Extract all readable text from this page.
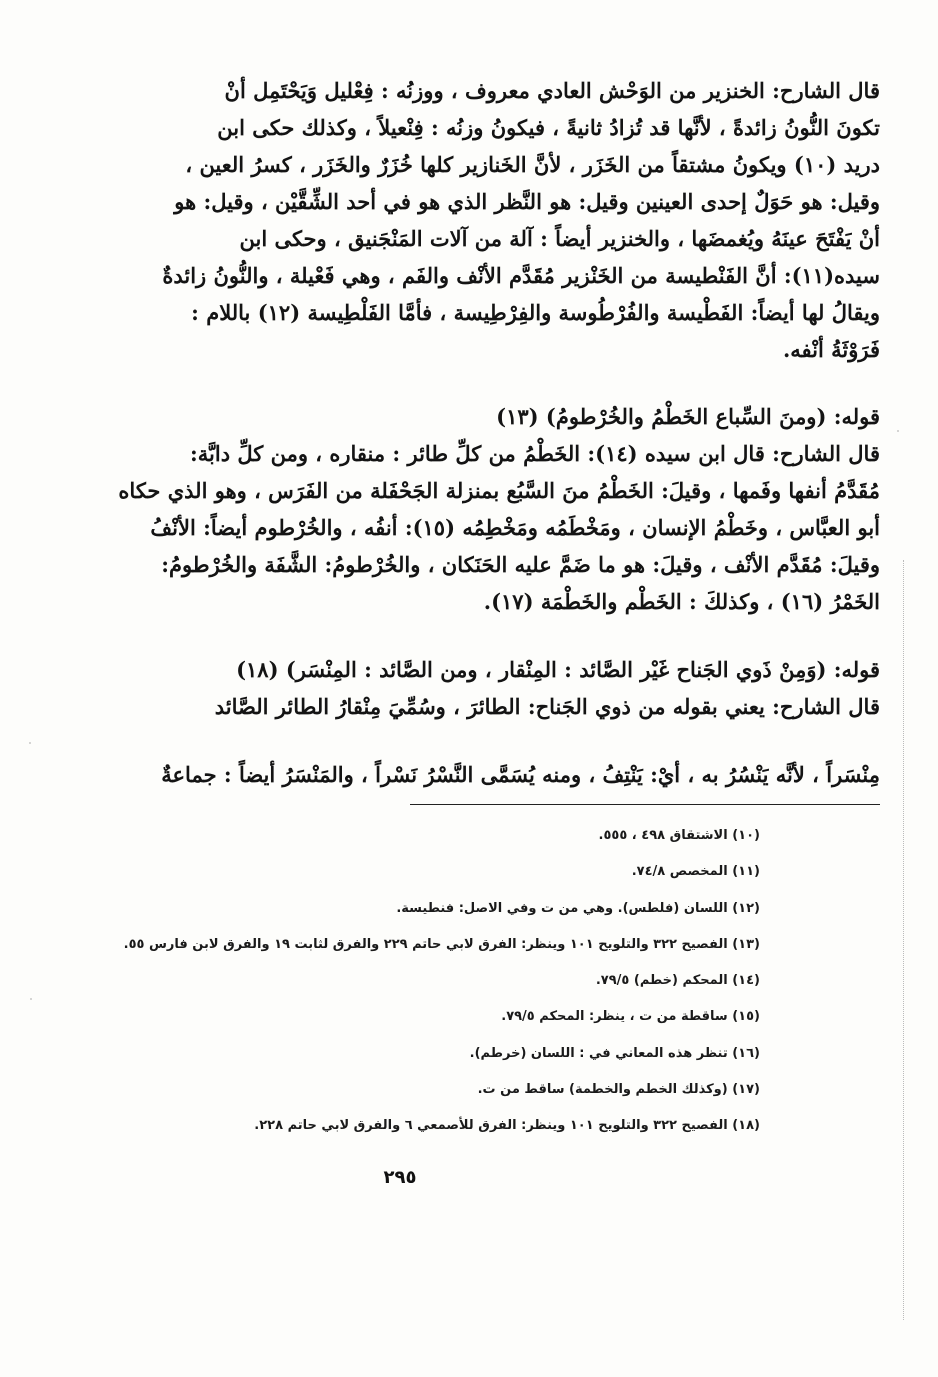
قال الشارح: الخنزير من الوَحْش العادي معروف ، ووزنُه : فِعْليل وَيَحْتَمِل أنْ
تكونَ النُّونُ زائدةً ، لأنَّها قد تُزادُ ثانيةً ، فيكونُ وزنُه : فِنْعيلاً ، وكذلك حكى ابن
دريد (١٠) ويكونُ مشتقاً من الخَزَر ، لأنَّ الخَنازير كلها خُزَرٌ والخَزَر ، كسرُ العين ،
وقيل: هو حَوَلٌ إحدى العينين وقيل: هو النَّظر الذي هو في أحد الشِّقَّيْن ، وقيل: هو
أنْ يَفْتَحَ عينَهُ ويُغمضَها ، والخنزير أيضاً : آلة من آلات المَنْجَنيق ، وحكى ابن
سيده(١١): أنَّ الفَنْطيسة من الخَنْزير مُقَدَّم الأنْف والفَم ، وهي فَعْيلة ، والنُّونُ زائدةٌ
ويقالُ لها أيضاً: الفَطْيسة والفُرْطُوسة والفِرْطِيسة ، فأمَّا الفَلْطِيسة (١٢) باللام :
فَرَوْثَةُ أنْفه.
قوله: (ومنَ السِّباع الخَطْمُ والخُرْطومُ) (١٣)
قال الشارح: قال ابن سيده (١٤): الخَطْمُ من كلِّ طائر : منقاره ، ومن كلِّ دابَّة:
مُقَدَّمُ أنفها وفَمها ، وقيلَ: الخَطْمُ منَ السَّبُع بمنزلة الجَحْفَلة من الفَرَس ، وهو الذي حكاه
أبو العبَّاس ، وخَطْمُ الإنسان ، ومَخْطَمُه ومَخْطِمُه (١٥): أنفُه ، والخُرْطوم أيضاً: الأنْفُ
وقيلَ: مُقَدَّم الأنْف ، وقيلَ: هو ما ضَمَّ عليه الحَنَكان ، والخُرْطومُ: الشَّفَة والخُرْطومُ:
الخَمْرُ (١٦) ، وكذلكَ : الخَطْم والخَطْمَة (١٧).
قوله: (وَمِنْ ذَوي الجَناح غَيْر الصَّائد : المِنْقار ، ومن الصَّائد : المِنْسَر) (١٨)
قال الشارح: يعني بقوله من ذوي الجَناح: الطائرَ ، وسُمِّيَ مِنْقارُ الطائر الصَّائد
مِنْسَراً ، لأنَّه يَنْسُرُ به ، أيْ: يَنْتِفُ ، ومنه يُسَمَّى النَّسْرُ نَسْراً ، والمَنْسَرُ أيضاً : جماعةٌ
(١٠) الاشتقاق ٤٩٨ ، ٥٥٥.
(١١) المخصص ٧٤/٨.
(١٢) اللسان (فلطس). وهي من ت وفي الاصل: فنطيسة.
(١٣) الفصيح ٣٢٢ والتلويح ١٠١ وينظر: الفرق لابي حاتم ٢٢٩ والفرق لثابت ١٩ والفرق لابن فارس ٥٥.
(١٤) المحكم (خطم) ٧٩/٥.
(١٥) ساقطة من ت ، ينظر: المحكم ٧٩/٥.
(١٦) تنظر هذه المعاني في : اللسان (خرطم).
(١٧) (وكذلك الخطم والخطمة) ساقط من ت.
(١٨) الفصيح ٣٢٢ والتلويح ١٠١ وينظر: الفرق للأصمعي ٦ والفرق لابي حاتم ٢٢٨.
٢٩٥
